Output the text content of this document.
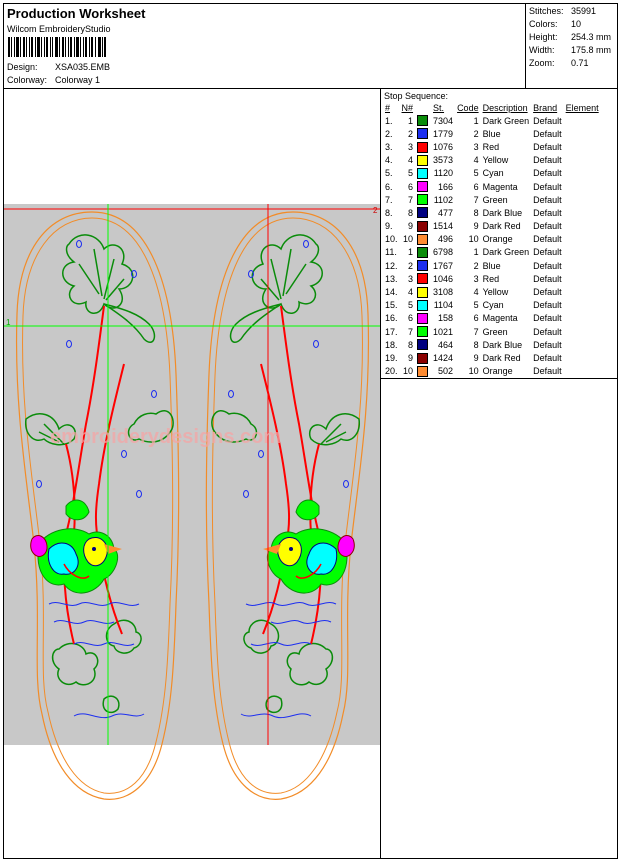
Production Worksheet
Wilcom EmbroideryStudio
Design: XSA035.EMB
Colorway: Colorway 1
Stitches: 35991
Colors: 10
Height: 254.3 mm
Width: 175.8 mm
Zoom: 0.71
1
2
embroiderydesigns.com
Stop Sequence:
#	N#		St.	Code	Description	Brand	Element
1.	1		7304	1	Dark Green	Default	
2.	2		1779	2	Blue	Default	
3.	3		1076	3	Red	Default	
4.	4		3573	4	Yellow	Default	
5.	5		1120	5	Cyan	Default	
6.	6		166	6	Magenta	Default	
7.	7		1102	7	Green	Default	
8.	8		477	8	Dark Blue	Default	
9.	9		1514	9	Dark Red	Default	
10.	10		496	10	Orange	Default	
11.	1		6798	1	Dark Green	Default	
12.	2		1767	2	Blue	Default	
13.	3		1046	3	Red	Default	
14.	4		3108	4	Yellow	Default	
15.	5		1104	5	Cyan	Default	
16.	6		158	6	Magenta	Default	
17.	7		1021	7	Green	Default	
18.	8		464	8	Dark Blue	Default	
19.	9		1424	9	Dark Red	Default	
20.	10		502	10	Orange	Default	
